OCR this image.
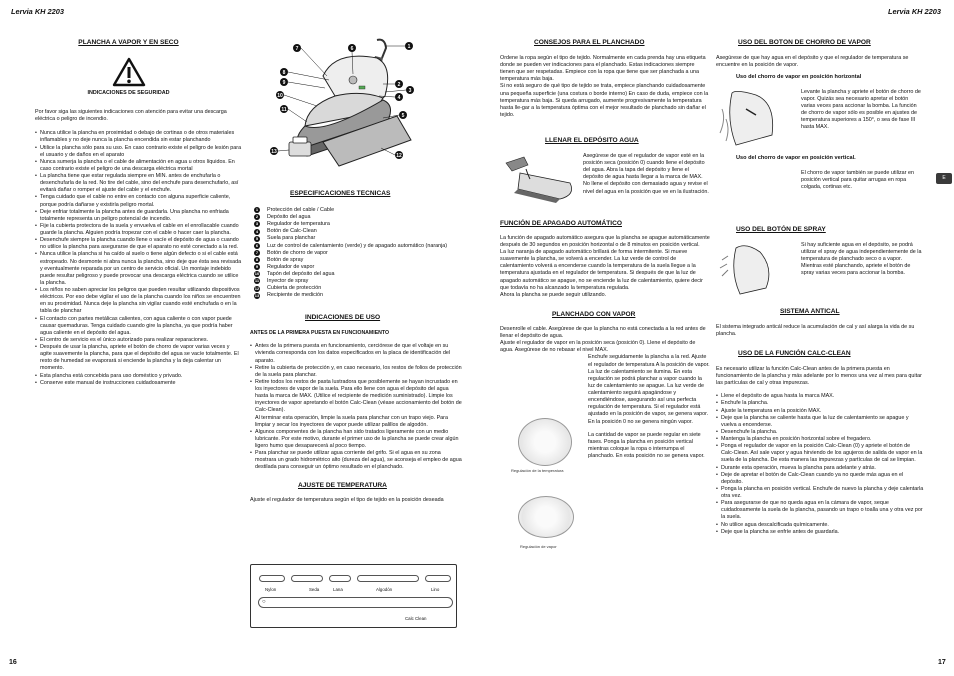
Lervia KH 2203	Lervia KH 2203
16	17
E
PLANCHA A VAPOR Y EN SECO
INDICACIONES DE SEGURIDAD

Por favor siga las siguientes indicaciones con atención para evitar una descarga eléctrica o peligro de incendio.

• Nunca utilice la plancha en proximidad o debajo de cortinas o de otros materiales inflamables y no deje nunca la plancha encendida sin estar planchando
• Utilice la plancha sólo para su uso. En caso contrario existe el peligro de lesión para el usuario y de daños en el aparato
• Nunca sumerja la plancha o el cable de alimentación en agua u otros líquidos. En caso contrario existe el peligro de una descarga eléctrica mortal
• La plancha tiene que estar regulada siempre en MIN. antes de enchufarla o desenchufarla de la red. No tire del cable, sino del enchufe para desenchufarlo, así evitará dañar o romper el ajuste del cable y el enchufe.
• Tenga cuidado que el cable no entre en contacto con alguna superficie caliente, porque podría dañarse y existiría peligro mortal.
• Deje enfriar totalmente la plancha antes de guardarla. Una plancha no enfriada totalmente representa un peligro potencial de incendio.
• Fije la cubierta protectora de la suela y envuelva el cable en el enrollacable cuando guarde la plancha. Alguien podría tropezar con el cable o hacer caer la plancha.
• Desenchufe siempre la plancha cuando llene o vacíe el depósito de agua o cuando no utilice la plancha para asegurarse de que el aparato no esté conectado a la red.
• Nunca utilice la plancha si ha caído al suelo o tiene algún defecto o si el cable está estropeado. No desmonte ni abra nunca la plancha, sino deje que ésta sea revisada y eventualmente reparada por un centro de servicio oficial. Un montaje indebido puede resultar peligroso y puede provocar una descarga eléctrica cuando se utilice la plancha.
• Los niños no saben apreciar los peligros que pueden resultar utilizando dispositivos eléctricos. Por eso debe vigilar el uso de la plancha cuando los niños se encuentren en su proximidad. Nunca deje la plancha sin vigilar cuando esté enchufada o en la tabla de planchar
• El contacto con partes metálicas calientes, con agua caliente o con vapor puede causar quemaduras. Tenga cuidado cuando gire la plancha, ya que podría haber agua caliente en el depósito del agua.
• El centro de servicio es el único autorizado para realizar reparaciones.
• Después de usar la plancha, apriete el botón de chorro de vapor varias veces y agite suavemente la plancha, para que el depósito del agua se vacíe totalmente. El resto de humedad se evaporará si enciende la plancha y la deja calentar un momento.
• Esta plancha está concebida para uso doméstico y privado.
• Conserve este manual de instrucciones cuidadosamente
1
2
3
4
5
6
7
8
9
10
11
12
13
ESPECIFICACIONES TÉCNICAS
1	Protección del cable / Cable
2	Depósito del agua
3	Regulador de temperatura
4	Botón de Calc-Clean
5	Suela para planchar
6	Luz de control de calentamiento (verde) y de apagado automático (naranja)
7	Botón de chorro de vapor
8	Botón de spray
9	Regulador de vapor
10 Tapón del depósito del agua
11 Inyector de spray
12 Cubierta de protección
13 Recipiente de medición
INDICACIONES DE USO
ANTES DE LA PRIMERA PUESTA EN FUNCIONAMIENTO
• Antes de la primera puesta en funcionamiento, cerciórese de que el voltaje en su vivienda corresponda con los datos especificados en la placa de identificación del aparato.
• Retire la cubierta de protección y, en caso necesario, los restos de folios de protección de la suela para planchar.
• Retire todos los restos de pasta lustradora que posiblemente se hayan incrustado en los inyectores de vapor de la suela. Para ello llene con agua el depósito del agua hasta la marca de MAX. (Utilice el recipiente de medición suministrado). Limpie los inyectores de vapor apretando el botón Calc-Clean (véase accionamiento del botón de Calc-Clean).
Al terminar esta operación, limpie la suela para planchar con un trapo viejo. Para limpiar y secar los inyectores de vapor puede utilizar palillos de algodón.
• Algunos componentes de la plancha han sido tratados ligeramente con un medio lubricante. Por este motivo, durante el primer uso de la plancha se puede crear algún ligero humo que desaparecerá al poco tiempo.
• Para planchar se puede utilizar agua corriente del grifo. Si el agua en su zona mostrara un grado hidrométrico alto (dureza del agua), se aconseja el empleo de agua destilada para conseguir un óptimo resultado en el planchado.
AJUSTE DE TEMPERATURA

Ajuste el regulador de temperatura según el tipo de tejido en la posición deseada

Nylon	Seda	Lana	Algodón	Lino
○
Calc Clean
CONSEJOS PARA EL PLANCHADO

Ordene la ropa según el tipo de tejido. Normalmente en cada prenda hay una etiqueta donde se pueden ver indicaciones para el planchado. Estas indicaciones siempre tienen que ser respetadas. Empiece con la ropa que tiene que ser planchada a una temperatura más baja.
Si no está seguro de qué tipo de tejido se trata, empiece planchando cuidadosamente una pequeña superficie (una costura o borde interno) En caso de duda, empiece con la temperatura más baja. Si queda arrugado, aumente progresivamente la temperatura hasta lle-gar a la temperatura óptima con el mejor resultado de planchado sin dañar el tejido.

LLENAR EL DEPÓSITO AGUA

Asegúrese de que el regulador de vapor esté en la posición seca (posición 0) cuando llene el depósito del agua. Abra la tapa del depósito y llene el depósito de agua hasta llegar a la marca de MAX. No llene el depósito con demasiado agua y revise el nivel del agua en la posición que ve en la ilustración.

FUNCIÓN DE APAGADO AUTOMÁTICO

La función de apagado automático asegura que la plancha se apague automáticamente después de 30 segundos en posición horizontal o de 8 minutos en posición vertical.
La luz naranja de apagado automático brillará de forma intermitente. Si mueve suavemente la plancha, se volverá a encender. La luz verde de control de calentamiento volverá a encenderse cuando la temperatura de la suela llegue a la temperatura ajustada en el regulador de temperatura. Si después de que la luz de apagado automático se apague, no se enciende la luz de calentamiento, quiere decir que todavía no ha alcanzado la temperatura regulada.
Ahora la plancha se puede seguir utilizando.

PLANCHADO CON VAPOR

Desenrolle el cable. Asegúrese de que la plancha no está conectada a la red antes de llenar el depósito de agua.
Ajuste el regulador de vapor en la posición seca (posición 0). Llene el depósito de agua. Asegúrese de no rebasar el nivel MAX.

Enchufe seguidamente la plancha a la red. Ajuste el regulador de temperatura A la posición de vapor. La luz de calentamiento se ilumina. En esta regulación se podrá planchar a vapor cuando la luz de calentamiento se apague. La luz verde de calentamiento seguirá apagándose y encendiéndose, asegurando así una perfecta regulación de temperatura. Si el regulador está ajustado en la posición de vapor, se genera vapor. En la posición 0 no se genera ningún vapor.

La cantidad de vapor se puede regular en siete fases. Ponga la plancha en posición vertical mientras coloque la ropa o interrumpa el planchado. En esta posición no se genera vapor.

Regulación de la temperatura
Regulación de vapor
USO DEL BOTÓN DE CHORRO DE VAPOR

Asegúrese de que hay agua en el depósito y que el regulador de temperatura se encuentre en la posición de vapor.

Uso del chorro de vapor en posición horizontal

Levante la plancha y apriete el botón de chorro de vapor. Quizás sea necesario apretar el botón varias veces para accionar la bomba. La función de chorro de vapor sólo es posible en ajustes de temperatura superiores a 150°, o sea de fase III hasta MAX.

Uso del chorro de vapor en posición vertical.

El chorro de vapor también se puede utilizar en posición vertical para quitar arrugas en ropa colgada, cortinas etc.

USO DEL BOTÓN DE SPRAY

Si hay suficiente agua en el depósito, se podrá utilizar el spray de agua independientemente de la temperatura de planchado seco o a vapor. Mientras esté planchando, apriete el botón de spray varias veces para accionar la bomba.

SISTEMA ANTICAL

El sistema integrado anticál reduce la acumulación de cal y así alarga la vida de su plancha.

USO DE LA FUNCIÓN CALC-CLEAN

Es necesario utilizar la función Calc-Clean antes de la primera puesta en funcionamiento de la plancha y más adelante por lo menos una vez al mes para quitar las partículas de cal y otras impurezas.

• Llene el depósito de agua hasta la marca MAX.
• Enchufe la plancha.
• Ajuste la temperatura en la posición MAX.
• Deje que la plancha se caliente hasta que la luz de calentamiento se apague y vuelva a encenderse.
• Desenchufe la plancha.
• Mantenga la plancha en posición horizontal sobre el fregadero.
• Ponga el regulador de vapor en la posición Calc-Clean (0) y apriete el botón de Calc-Clean. Así sale vapor y agua hirviendo de los agujeros de salida de vapor en la suela de la plancha. De esta manera las impurezas y partículas de cal se limpian.
• Durante esta operación, mueva la plancha para adelante y atrás.
• Deje de apretar el botón de Calc-Clean cuando ya no quede más agua en el depósito.
• Ponga la plancha en posición vertical. Enchufe de nuevo la plancha y deje calentarla otra vez.
• Para asegurarse de que no queda agua en la cámara de vapor, seque cuidadosamente la suela de la plancha, pasando un trapo o toalla una y otra vez por la suela.
• No utilice agua descalcificada químicamente.
• Deje que la plancha se enfríe antes de guardarla.
